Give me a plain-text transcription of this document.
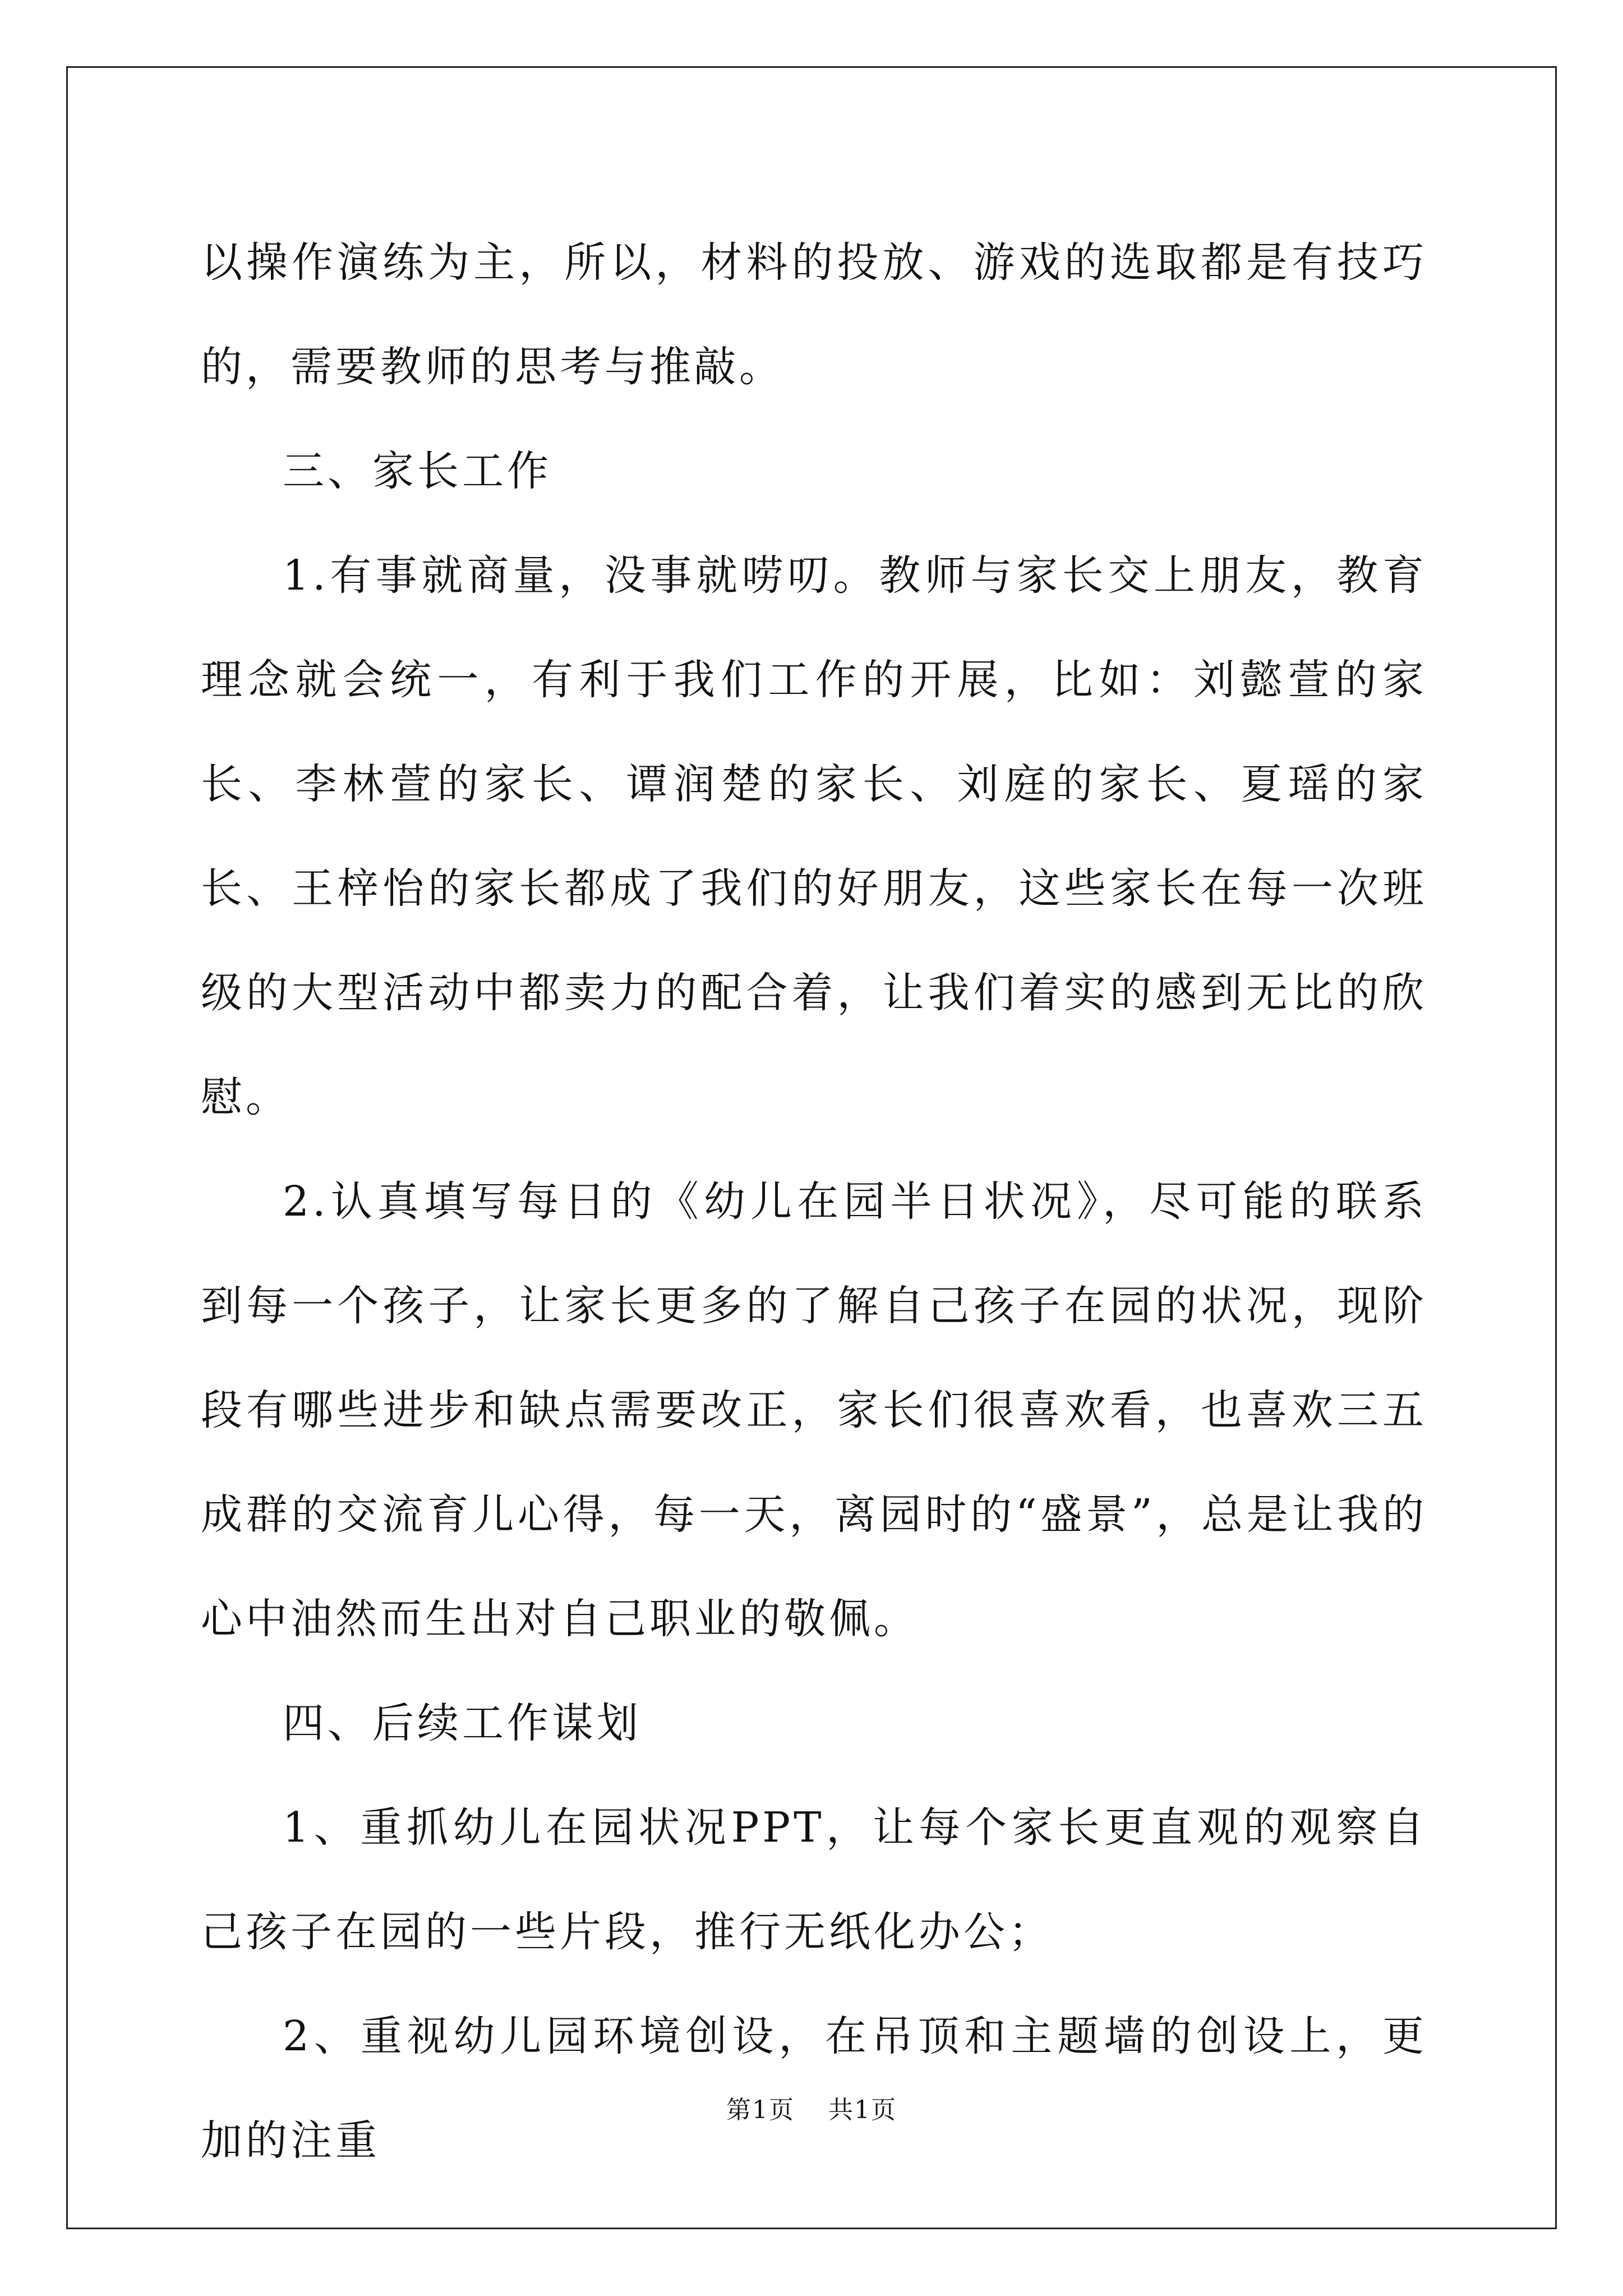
以操作演练为主，所以，材料的投放、游戏的选取都是有技巧的，需要教师的思考与推敲。

三、家长工作

1.有事就商量，没事就唠叨。教师与家长交上朋友，教育理念就会统一，有利于我们工作的开展，比如：刘懿萱的家长、李林萱的家长、谭润楚的家长、刘庭的家长、夏瑶的家长、王梓怡的家长都成了我们的好朋友，这些家长在每一次班级的大型活动中都卖力的配合着，让我们着实的感到无比的欣慰。

2.认真填写每日的《幼儿在园半日状况》，尽可能的联系到每一个孩子，让家长更多的了解自己孩子在园的状况，现阶段有哪些进步和缺点需要改正，家长们很喜欢看，也喜欢三五成群的交流育儿心得，每一天，离园时的“盛景”，总是让我的心中油然而生出对自己职业的敬佩。

四、后续工作谋划

1、重抓幼儿在园状况PPT，让每个家长更直观的观察自己孩子在园的一些片段，推行无纸化办公；

2、重视幼儿园环境创设，在吊顶和主题墙的创设上，更加的注重

第1页 共1页
